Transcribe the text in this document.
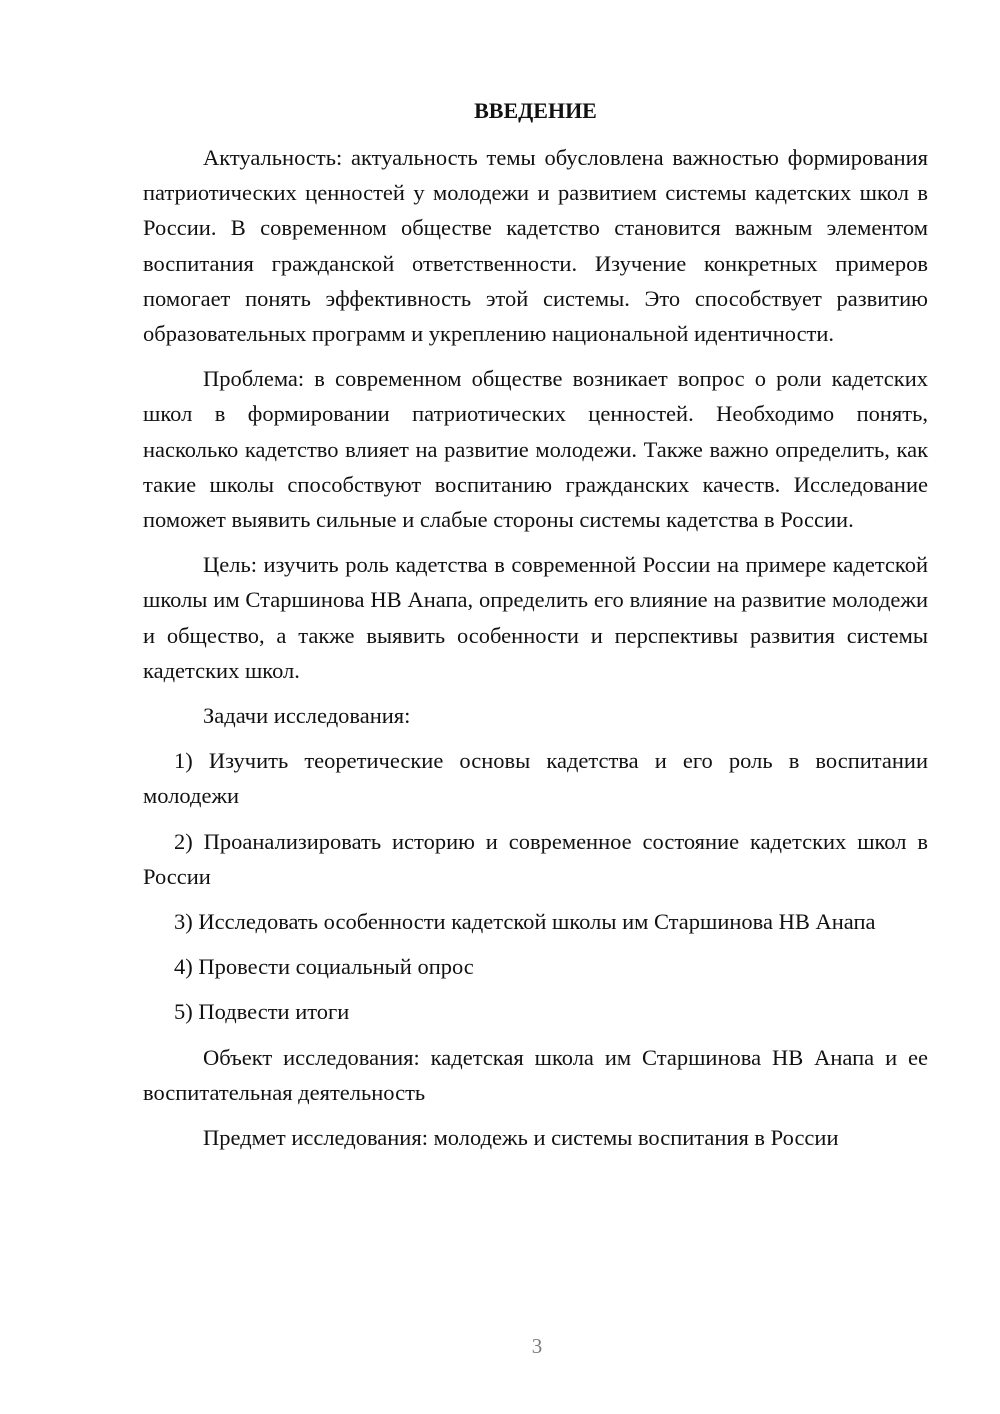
ВВЕДЕНИЕ

Актуальность: актуальность темы обусловлена важностью формирования патриотических ценностей у молодежи и развитием системы кадетских школ в России. В современном обществе кадетство становится важным элементом воспитания гражданской ответственности. Изучение конкретных примеров помогает понять эффективность этой системы. Это способствует развитию образовательных программ и укреплению национальной идентичности.

Проблема: в современном обществе возникает вопрос о роли кадетских школ в формировании патриотических ценностей. Необходимо понять, насколько кадетство влияет на развитие молодежи. Также важно определить, как такие школы способствуют воспитанию гражданских качеств. Исследование поможет выявить сильные и слабые стороны системы кадетства в России.

Цель: изучить роль кадетства в современной России на примере кадетской школы им Старшинова НВ Анапа, определить его влияние на развитие молодежи и общество, а также выявить особенности и перспективы развития системы кадетских школ.

Задачи исследования:

1) Изучить теоретические основы кадетства и его роль в воспитании молодежи

2) Проанализировать историю и современное состояние кадетских школ в России

3) Исследовать особенности кадетской школы им Старшинова НВ Анапа

4) Провести социальный опрос

5) Подвести итоги

Объект исследования: кадетская школа им Старшинова НВ Анапа и ее воспитательная деятельность

Предмет исследования: молодежь и системы воспитания в России

3
